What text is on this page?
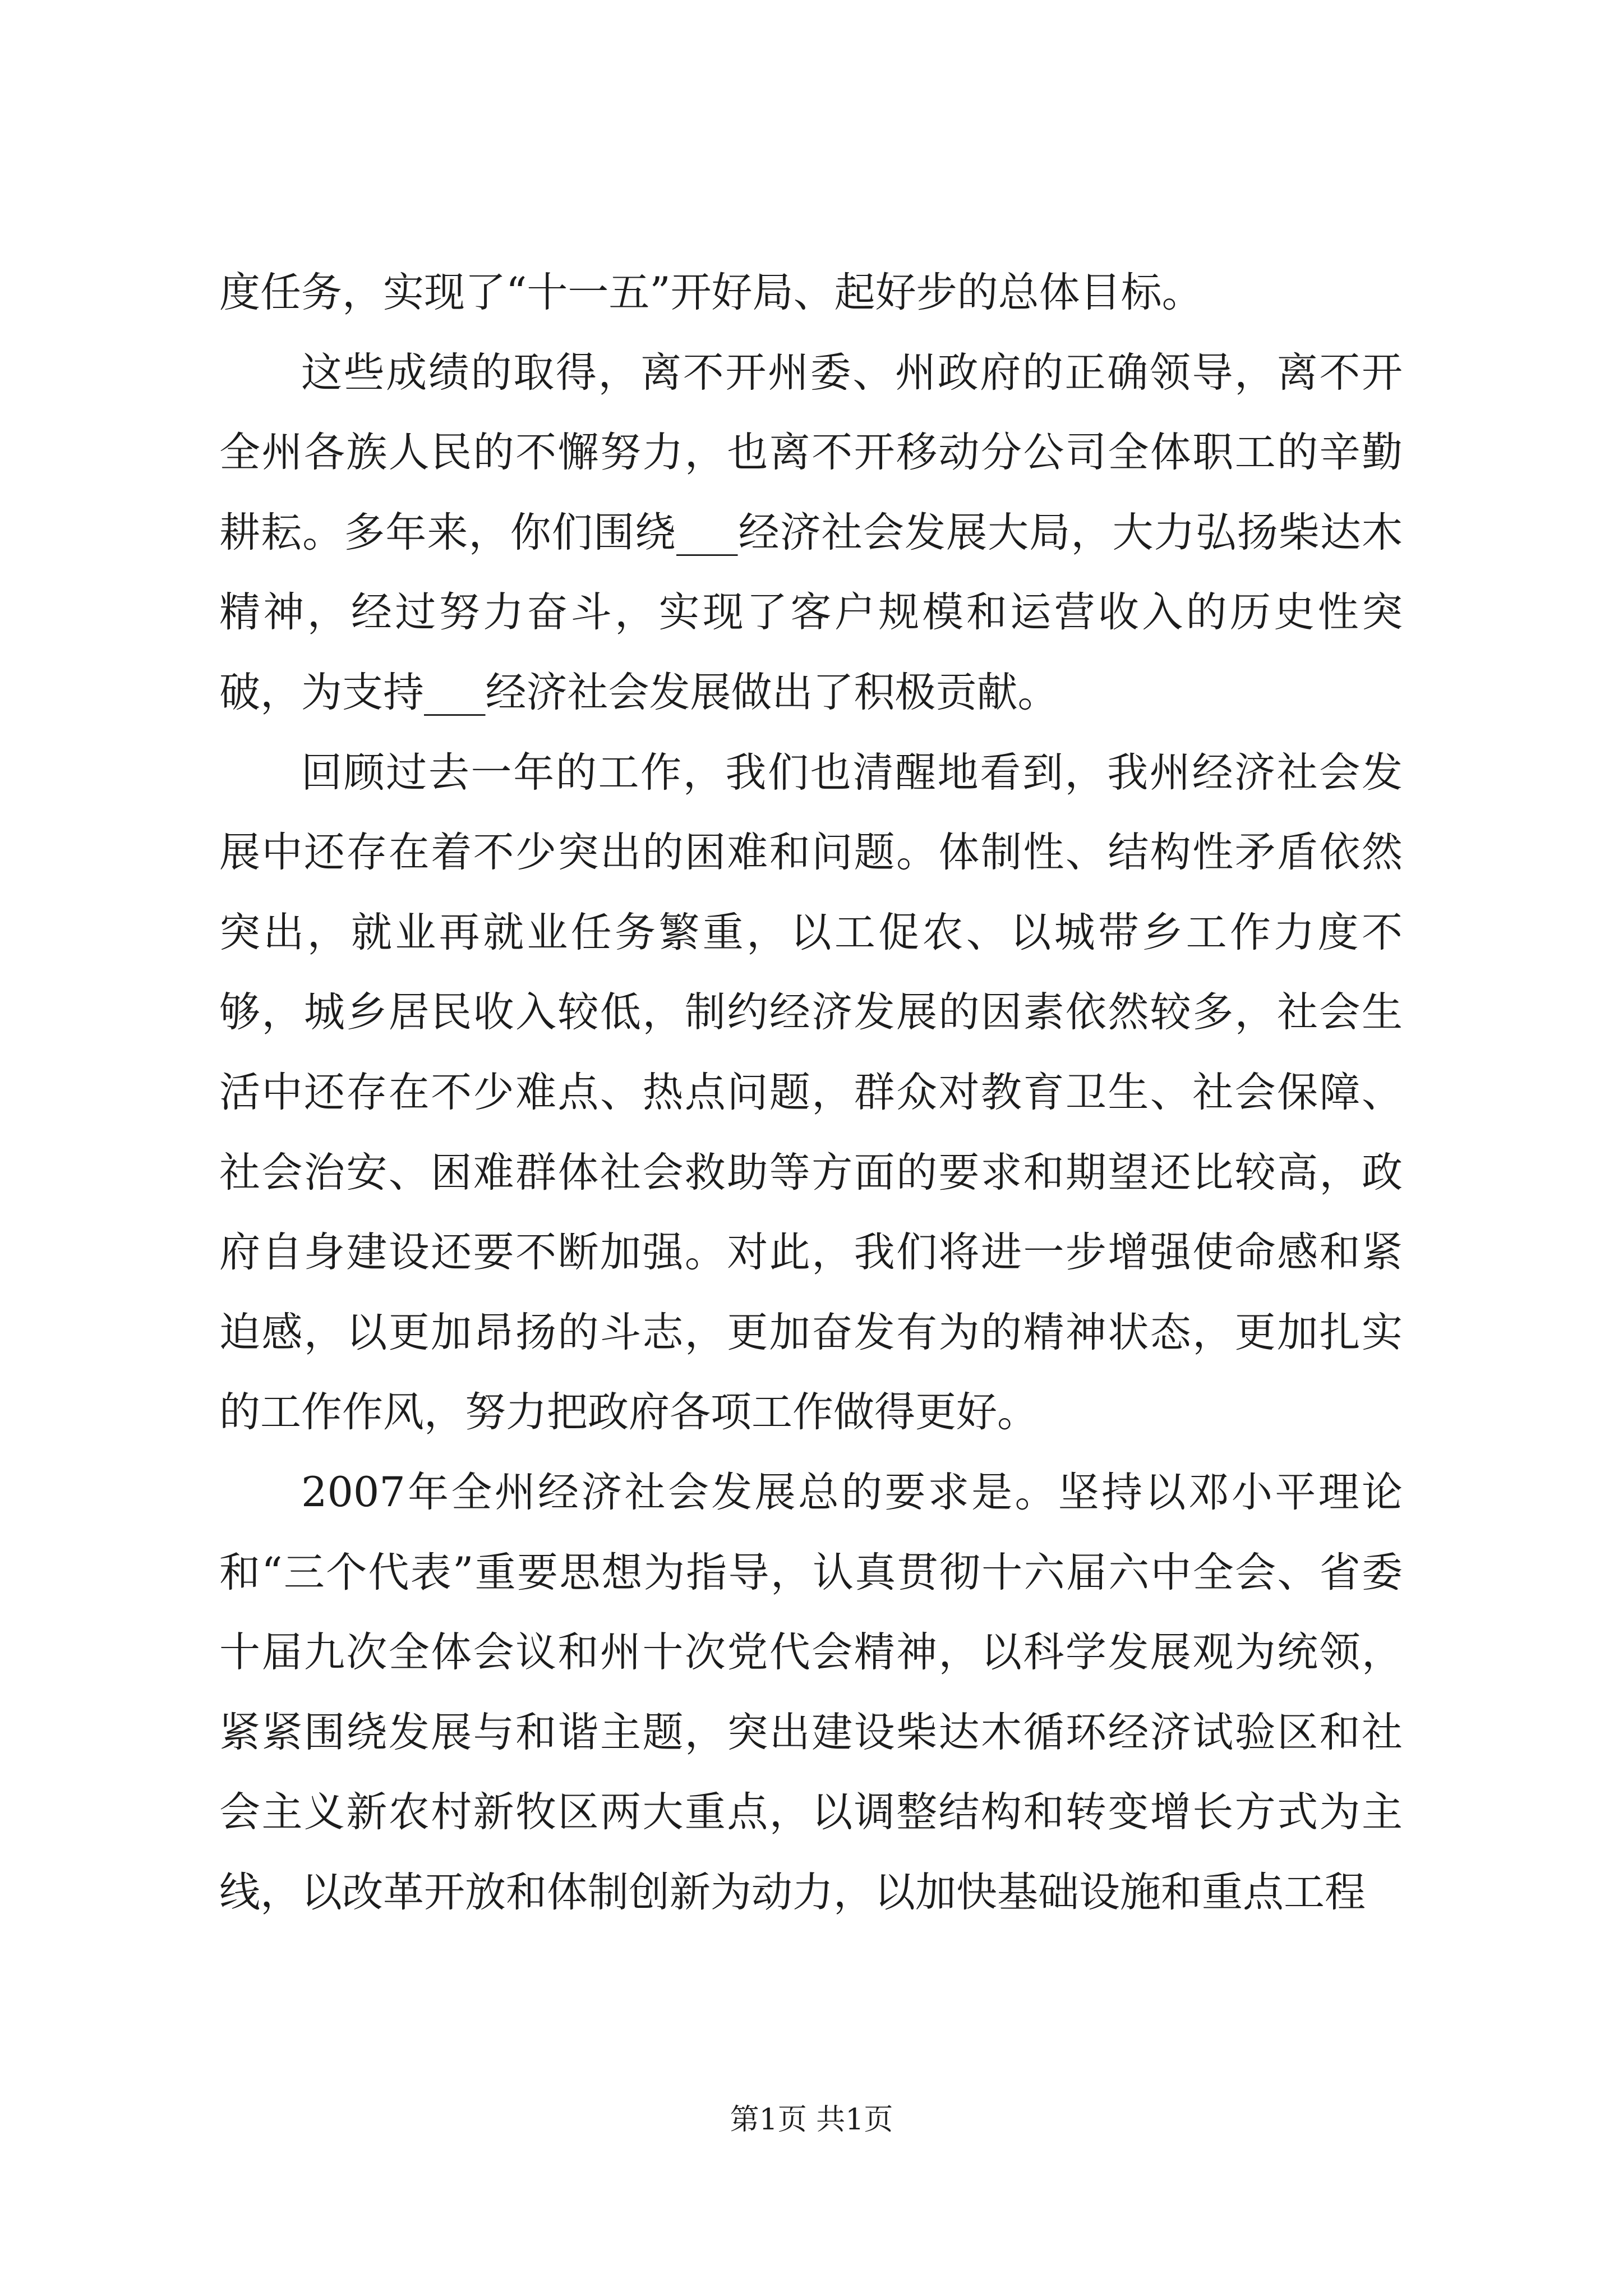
度任务，实现了“十一五”开好局、起好步的总体目标。

这些成绩的取得，离不开州委、州政府的正确领导，离不开全州各族人民的不懈努力，也离不开移动分公司全体职工的辛勤耕耘。多年来，你们围绕___经济社会发展大局，大力弘扬柴达木精神，经过努力奋斗，实现了客户规模和运营收入的历史性突破，为支持___经济社会发展做出了积极贡献。

回顾过去一年的工作，我们也清醒地看到，我州经济社会发展中还存在着不少突出的困难和问题。体制性、结构性矛盾依然突出，就业再就业任务繁重，以工促农、以城带乡工作力度不够，城乡居民收入较低，制约经济发展的因素依然较多，社会生活中还存在不少难点、热点问题，群众对教育卫生、社会保障、社会治安、困难群体社会救助等方面的要求和期望还比较高，政府自身建设还要不断加强。对此，我们将进一步增强使命感和紧迫感，以更加昂扬的斗志，更加奋发有为的精神状态，更加扎实的工作作风，努力把政府各项工作做得更好。

2007年全州经济社会发展总的要求是。坚持以邓小平理论和“三个代表”重要思想为指导，认真贯彻十六届六中全会、省委十届九次全体会议和州十次党代会精神，以科学发展观为统领，紧紧围绕发展与和谐主题，突出建设柴达木循环经济试验区和社会主义新农村新牧区两大重点，以调整结构和转变增长方式为主线，以改革开放和体制创新为动力，以加快基础设施和重点工程

第1页 共1页
